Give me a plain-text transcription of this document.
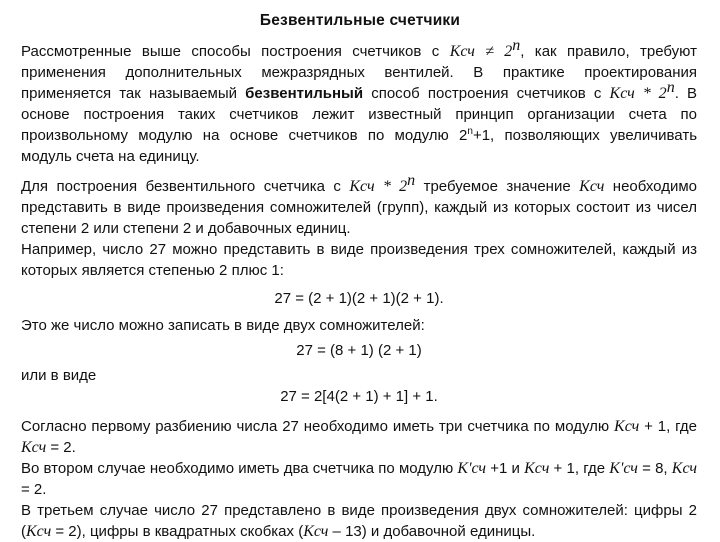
Безвентильные счетчики

Рассмотренные выше способы построения счетчиков с Kсч ≠ $2^n$, как правило, требуют применения дополнительных межразрядных вентилей. В практике проектирования применяется так называемый безвентильный способ построения счетчиков с Kсч * 2$^n$. В основе построения таких счетчиков лежит известный принцип организации счета по произвольному модулю на основе счетчиков по модулю $2^n+1$, позволяющих увеличивать модуль счета на единицу.

Для построения безвентильного счетчика с Kсч * 2$^n$ требуемое значение Kсч необходимо представить в виде произведения сомножителей (групп), каждый из которых состоит из чисел степени 2 или степени 2 и добавочных единиц.

Например, число 27 можно представить в виде произведения трех сомножителей, каждый из которых является степенью 2 плюс 1:

27 = (2 + 1)(2 + 1)(2 + 1).

Это же число можно записать в виде двух сомножителей:

27 = (8 + 1) (2 + 1)

или в виде

27 = 2[4(2 + 1) + 1] + 1.

Согласно первому разбиению числа 27 необходимо иметь три счетчика по модулю Kсч + 1, где Kсч = 2.

Во втором случае необходимо иметь два счетчика по модулю K'сч +1 и Kсч + 1, где K'сч = 8, Kсч = 2.

В третьем случае число 27 представлено в виде произведения двух сомножителей: цифры 2 (Kсч = 2), цифры в квадратных скобках (Kсч – 13) и добавочной единицы.
